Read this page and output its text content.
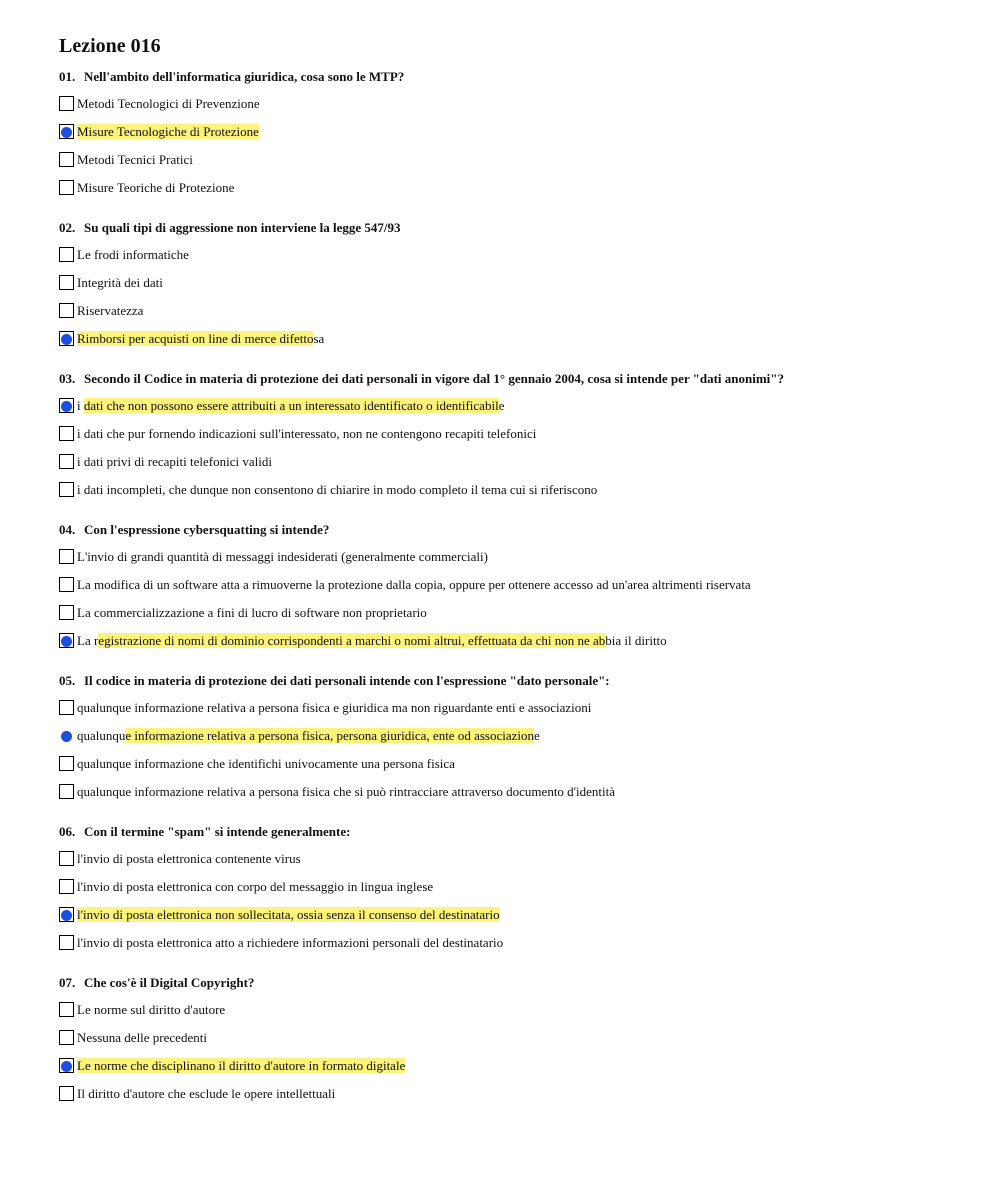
Lezione 016
01. Nell'ambito dell'informatica giuridica, cosa sono le MTP?
Metodi Tecnologici di Prevenzione
Misure Tecnologiche di Protezione
Metodi Tecnici Pratici
Misure Teoriche di Protezione
02. Su quali tipi di aggressione non interviene la legge 547/93
Le frodi informatiche
Integrità dei dati
Riservatezza
Rimborsi per acquisti on line di merce difettosa
03. Secondo il Codice in materia di protezione dei dati personali in vigore dal 1° gennaio 2004, cosa si intende per "dati anonimi"?
i dati che non possono essere attribuiti a un interessato identificato o identificabile
i dati che pur fornendo indicazioni sull'interessato, non ne contengono recapiti telefonici
i dati privi di recapiti telefonici validi
i dati incompleti, che dunque non consentono di chiarire in modo completo il tema cui si riferiscono
04. Con l'espressione cybersquatting si intende?
L'invio di grandi quantità di messaggi indesiderati (generalmente commerciali)
La modifica di un software atta a rimuoverne la protezione dalla copia, oppure per ottenere accesso ad un'area altrimenti riservata
La commercializzazione a fini di lucro di software non proprietario
La registrazione di nomi di dominio corrispondenti a marchi o nomi altrui, effettuata da chi non ne abbia il diritto
05. Il codice in materia di protezione dei dati personali intende con l'espressione "dato personale":
qualunque informazione relativa a persona fisica e giuridica ma non riguardante enti e associazioni
qualunque informazione relativa a persona fisica, persona giuridica, ente od associazione
qualunque informazione che identifichi univocamente una persona fisica
qualunque informazione relativa a persona fisica che si può rintracciare attraverso documento d'identità
06. Con il termine "spam" si intende generalmente:
l'invio di posta elettronica contenente virus
l'invio di posta elettronica con corpo del messaggio in lingua inglese
l'invio di posta elettronica non sollecitata, ossia senza il consenso del destinatario
l'invio di posta elettronica atto a richiedere informazioni personali del destinatario
07. Che cos'è il Digital Copyright?
Le norme sul diritto d'autore
Nessuna delle precedenti
Le norme che disciplinano il diritto d'autore in formato digitale
Il diritto d'autore che esclude le opere intellettuali
